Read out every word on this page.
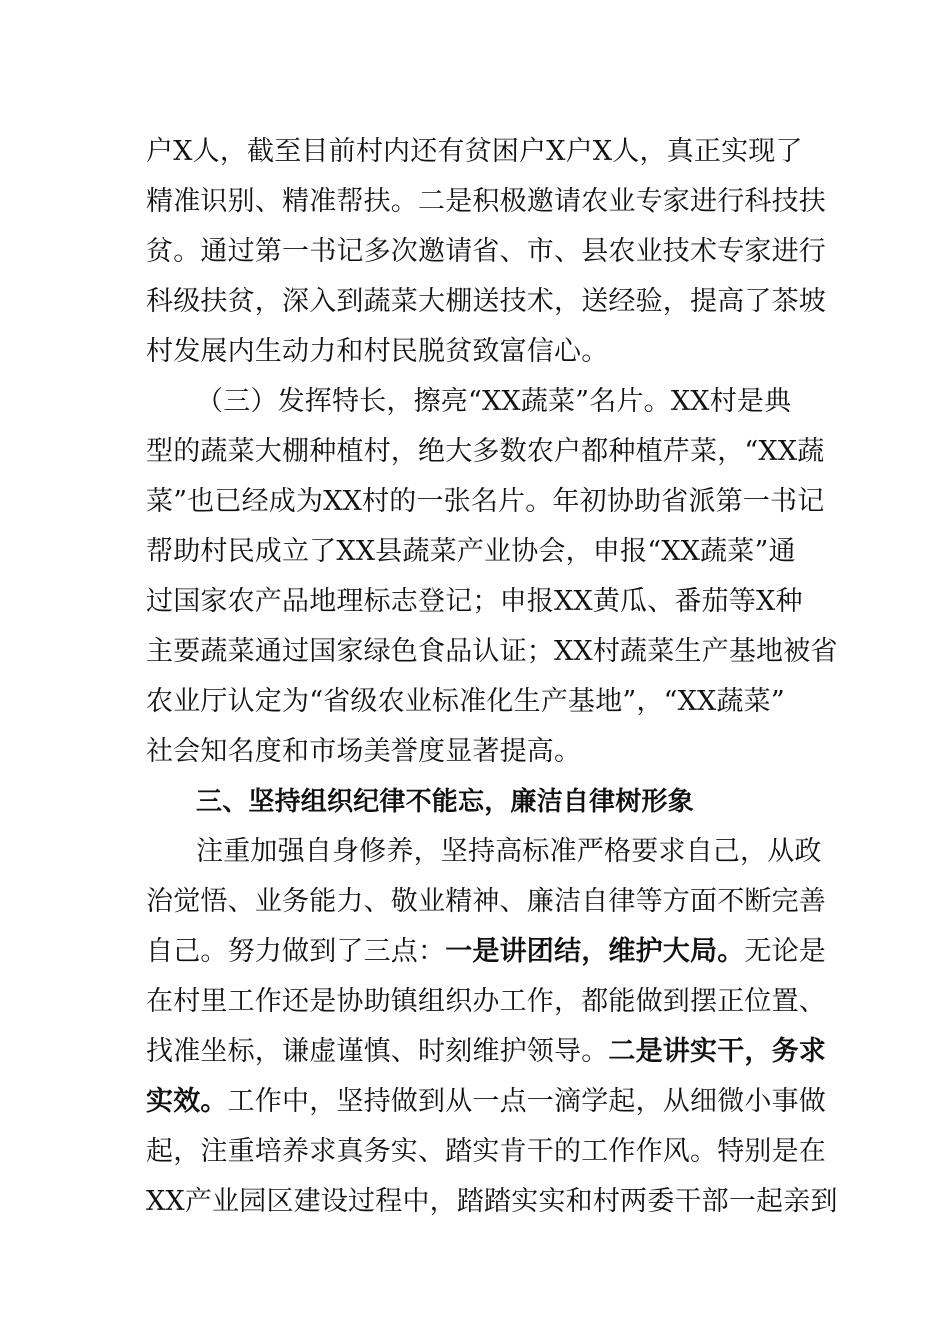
户X人，截至目前村内还有贫困户X户X人，真正实现了
精准识别、精准帮扶。二是积极邀请农业专家进行科技扶
贫。通过第一书记多次邀请省、市、县农业技术专家进行
科级扶贫，深入到蔬菜大棚送技术，送经验，提高了茶坡
村发展内生动力和村民脱贫致富信心。
（三）发挥特长，擦亮“XX蔬菜”名片。XX村是典
型的蔬菜大棚种植村，绝大多数农户都种植芹菜，“XX蔬
菜”也已经成为XX村的一张名片。年初协助省派第一书记
帮助村民成立了XX县蔬菜产业协会，申报“XX蔬菜”通
过国家农产品地理标志登记；申报XX黄瓜、番茄等X种
主要蔬菜通过国家绿色食品认证；XX村蔬菜生产基地被省
农业厅认定为“省级农业标准化生产基地”，“XX蔬菜”
社会知名度和市场美誉度显著提高。
三、坚持组织纪律不能忘，廉洁自律树形象
注重加强自身修养，坚持高标准严格要求自己，从政
治觉悟、业务能力、敬业精神、廉洁自律等方面不断完善
自己。努力做到了三点：一是讲团结，维护大局。无论是
在村里工作还是协助镇组织办工作，都能做到摆正位置、
找准坐标，谦虚谨慎、时刻维护领导。二是讲实干，务求
实效。工作中，坚持做到从一点一滴学起，从细微小事做
起，注重培养求真务实、踏实肯干的工作作风。特别是在
XX产业园区建设过程中，踏踏实实和村两委干部一起亲到
